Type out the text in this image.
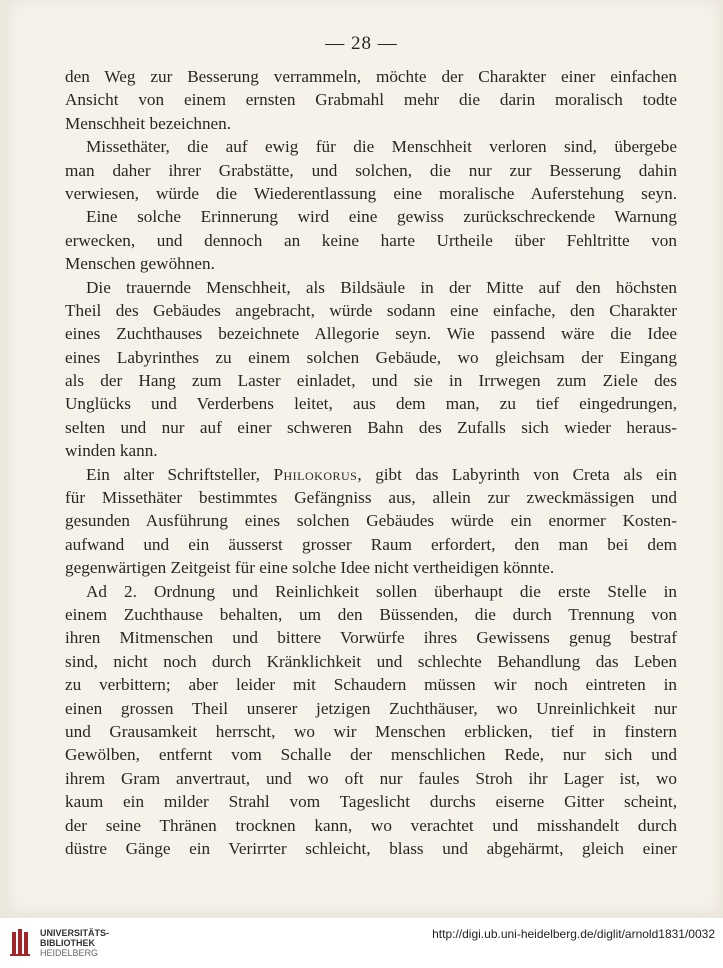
— 28 —
den Weg zur Besserung verrammeln, möchte der Charakter einer einfachen
Ansicht von einem ernsten Grabmahl mehr die darin moralisch todte
Menschheit bezeichnen.
Missethäter, die auf ewig für die Menschheit verloren sind, übergebe
man daher ihrer Grabstätte, und solchen, die nur zur Besserung dahin
verwiesen, würde die Wiederentlassung eine moralische Auferstehung seyn.
Eine solche Erinnerung wird eine gewiss zurückschreckende Warnung
erwecken, und dennoch an keine harte Urtheile über Fehltritte von
Menschen gewöhnen.
Die trauernde Menschheit, als Bildsäule in der Mitte auf den höchsten
Theil des Gebäudes angebracht, würde sodann eine einfache, den Charakter
eines Zuchthauses bezeichnete Allegorie seyn. Wie passend wäre die Idee
eines Labyrinthes zu einem solchen Gebäude, wo gleichsam der Eingang
als der Hang zum Laster einladet, und sie in Irrwegen zum Ziele des
Unglücks und Verderbens leitet, aus dem man, zu tief eingedrungen,
selten und nur auf einer schweren Bahn des Zufalls sich wieder heraus-
winden kann.
Ein alter Schriftsteller, Philokorus, gibt das Labyrinth von Creta als ein
für Missethäter bestimmtes Gefängniss aus, allein zur zweckmässigen und
gesunden Ausführung eines solchen Gebäudes würde ein enormer Kosten-
aufwand und ein äusserst grosser Raum erfordert, den man bei dem
gegenwärtigen Zeitgeist für eine solche Idee nicht vertheidigen könnte.
Ad 2. Ordnung und Reinlichkeit sollen überhaupt die erste Stelle in
einem Zuchthause behalten, um den Büssenden, die durch Trennung von
ihren Mitmenschen und bittere Vorwürfe ihres Gewissens genug bestraf
sind, nicht noch durch Kränklichkeit und schlechte Behandlung das Leben
zu verbittern; aber leider mit Schaudern müssen wir noch eintreten in
einen grossen Theil unserer jetzigen Zuchthäuser, wo Unreinlichkeit nur
und Grausamkeit herrscht, wo wir Menschen erblicken, tief in finstern
Gewölben, entfernt vom Schalle der menschlichen Rede, nur sich und
ihrem Gram anvertraut, und wo oft nur faules Stroh ihr Lager ist, wo
kaum ein milder Strahl vom Tageslicht durchs eiserne Gitter scheint,
der seine Thränen trocknen kann, wo verachtet und misshandelt durch
düstre Gänge ein Verirrter schleicht, blass und abgehärmt, gleich einer
UNIVERSITÄTS-
BIBLIOTHEK
HEIDELBERG
http://digi.ub.uni-heidelberg.de/diglit/arnold1831/0032
